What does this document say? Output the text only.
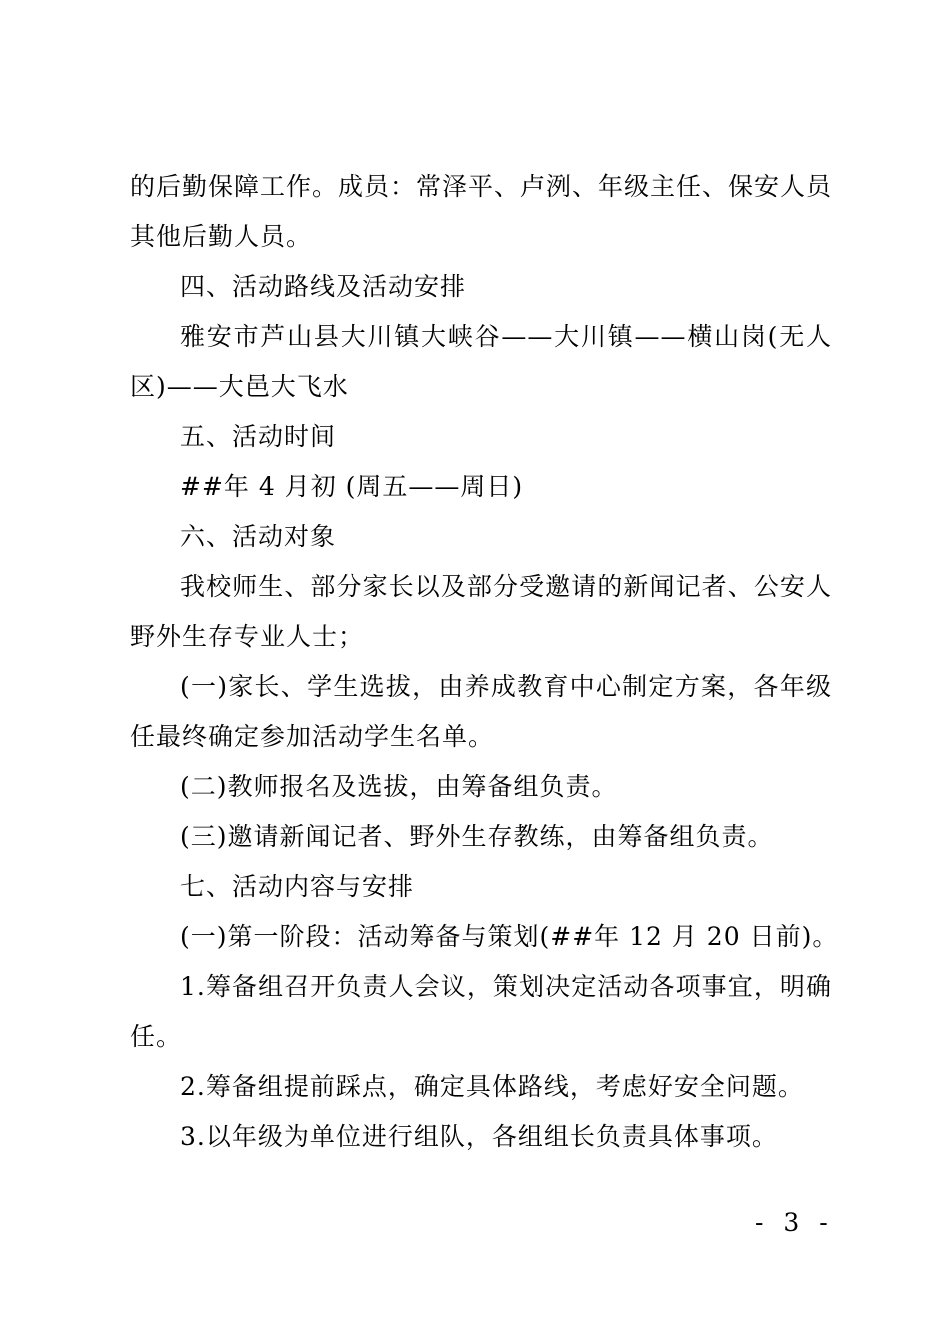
的后勤保障工作。成员：常泽平、卢洌、年级主任、保安人员
其他后勤人员。
四、活动路线及活动安排
雅安市芦山县大川镇大峡谷——大川镇——横山岗(无人
区)——大邑大飞水
五、活动时间
##年 4 月初 (周五——周日)
六、活动对象
我校师生、部分家长以及部分受邀请的新闻记者、公安人
野外生存专业人士；
(一)家长、学生选拔，由养成教育中心制定方案，各年级
任最终确定参加活动学生名单。
(二)教师报名及选拔，由筹备组负责。
(三)邀请新闻记者、野外生存教练，由筹备组负责。
七、活动内容与安排
(一)第一阶段：活动筹备与策划(##年 12 月 20 日前)。
1.筹备组召开负责人会议，策划决定活动各项事宜，明确
任。
2.筹备组提前踩点，确定具体路线，考虑好安全问题。
3.以年级为单位进行组队，各组组长负责具体事项。
- 3 -
